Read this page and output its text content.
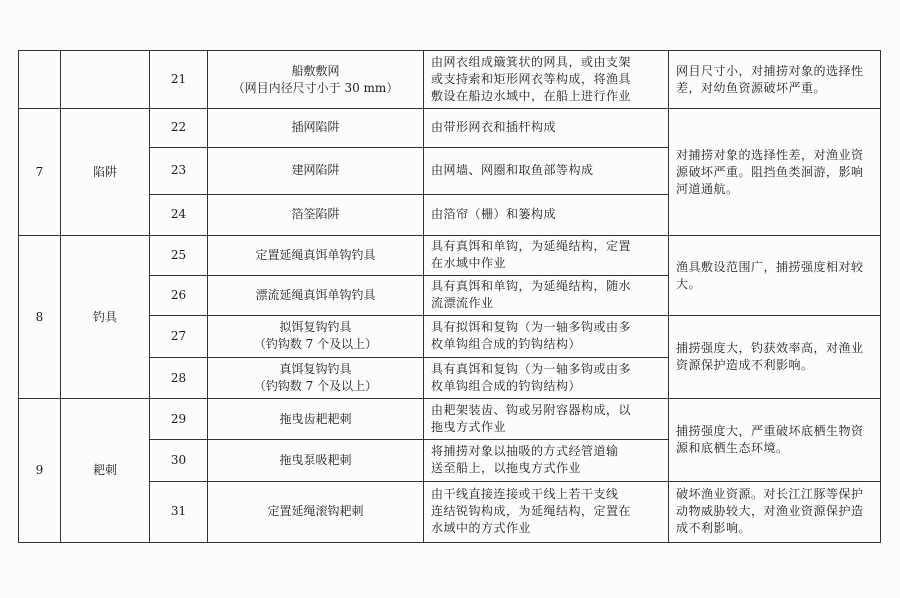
		21	船敷敷网
（网目内径尺寸小于 30 mm）	由网衣组成簸箕状的网具，或由支架
或支持索和矩形网衣等构成，将渔具
敷设在船边水域中，在船上进行作业	网目尺寸小，对捕捞对象的选择性
差，对幼鱼资源破坏严重。

7	陷阱	22	插网陷阱	由带形网衣和插杆构成	对捕捞对象的选择性差，对渔业资
源破坏严重。阻挡鱼类洄游，影响
河道通航。

		23	建网陷阱	由网墙、网圈和取鱼部等构成	

		24	箔筌陷阱	由箔帘（栅）和篓构成	

8	钓具	25	定置延绳真饵单钩钓具	具有真饵和单钩，为延绳结构，定置
在水域中作业	渔具敷设范围广，捕捞强度相对较
大。

		26	漂流延绳真饵单钩钓具	具有真饵和单钩，为延绳结构，随水
流漂流作业	

		27	拟饵复钩钓具
（钓钩数 7 个及以上）	具有拟饵和复钩（为一轴多钩或由多
枚单钩组合成的钓钩结构）	捕捞强度大，钓获效率高，对渔业
资源保护造成不利影响。

		28	真饵复钩钓具
（钓钩数 7 个及以上）	具有真饵和复钩（为一轴多钩或由多
枚单钩组合成的钓钩结构）	

9	耙刺	29	拖曳齿耙耙刺	由耙架装齿、钩或另附容器构成，以
拖曳方式作业	捕捞强度大，严重破坏底栖生物资
源和底栖生态环境。

		30	拖曳泵吸耙刺	将捕捞对象以抽吸的方式经管道输
送至船上，以拖曳方式作业	

		31	定置延绳滚钩耙刺	由干线直接连接或干线上若干支线
连结锐钩构成，为延绳结构，定置在
水域中的方式作业	破坏渔业资源。对长江江豚等保护
动物威胁较大，对渔业资源保护造
成不利影响。
